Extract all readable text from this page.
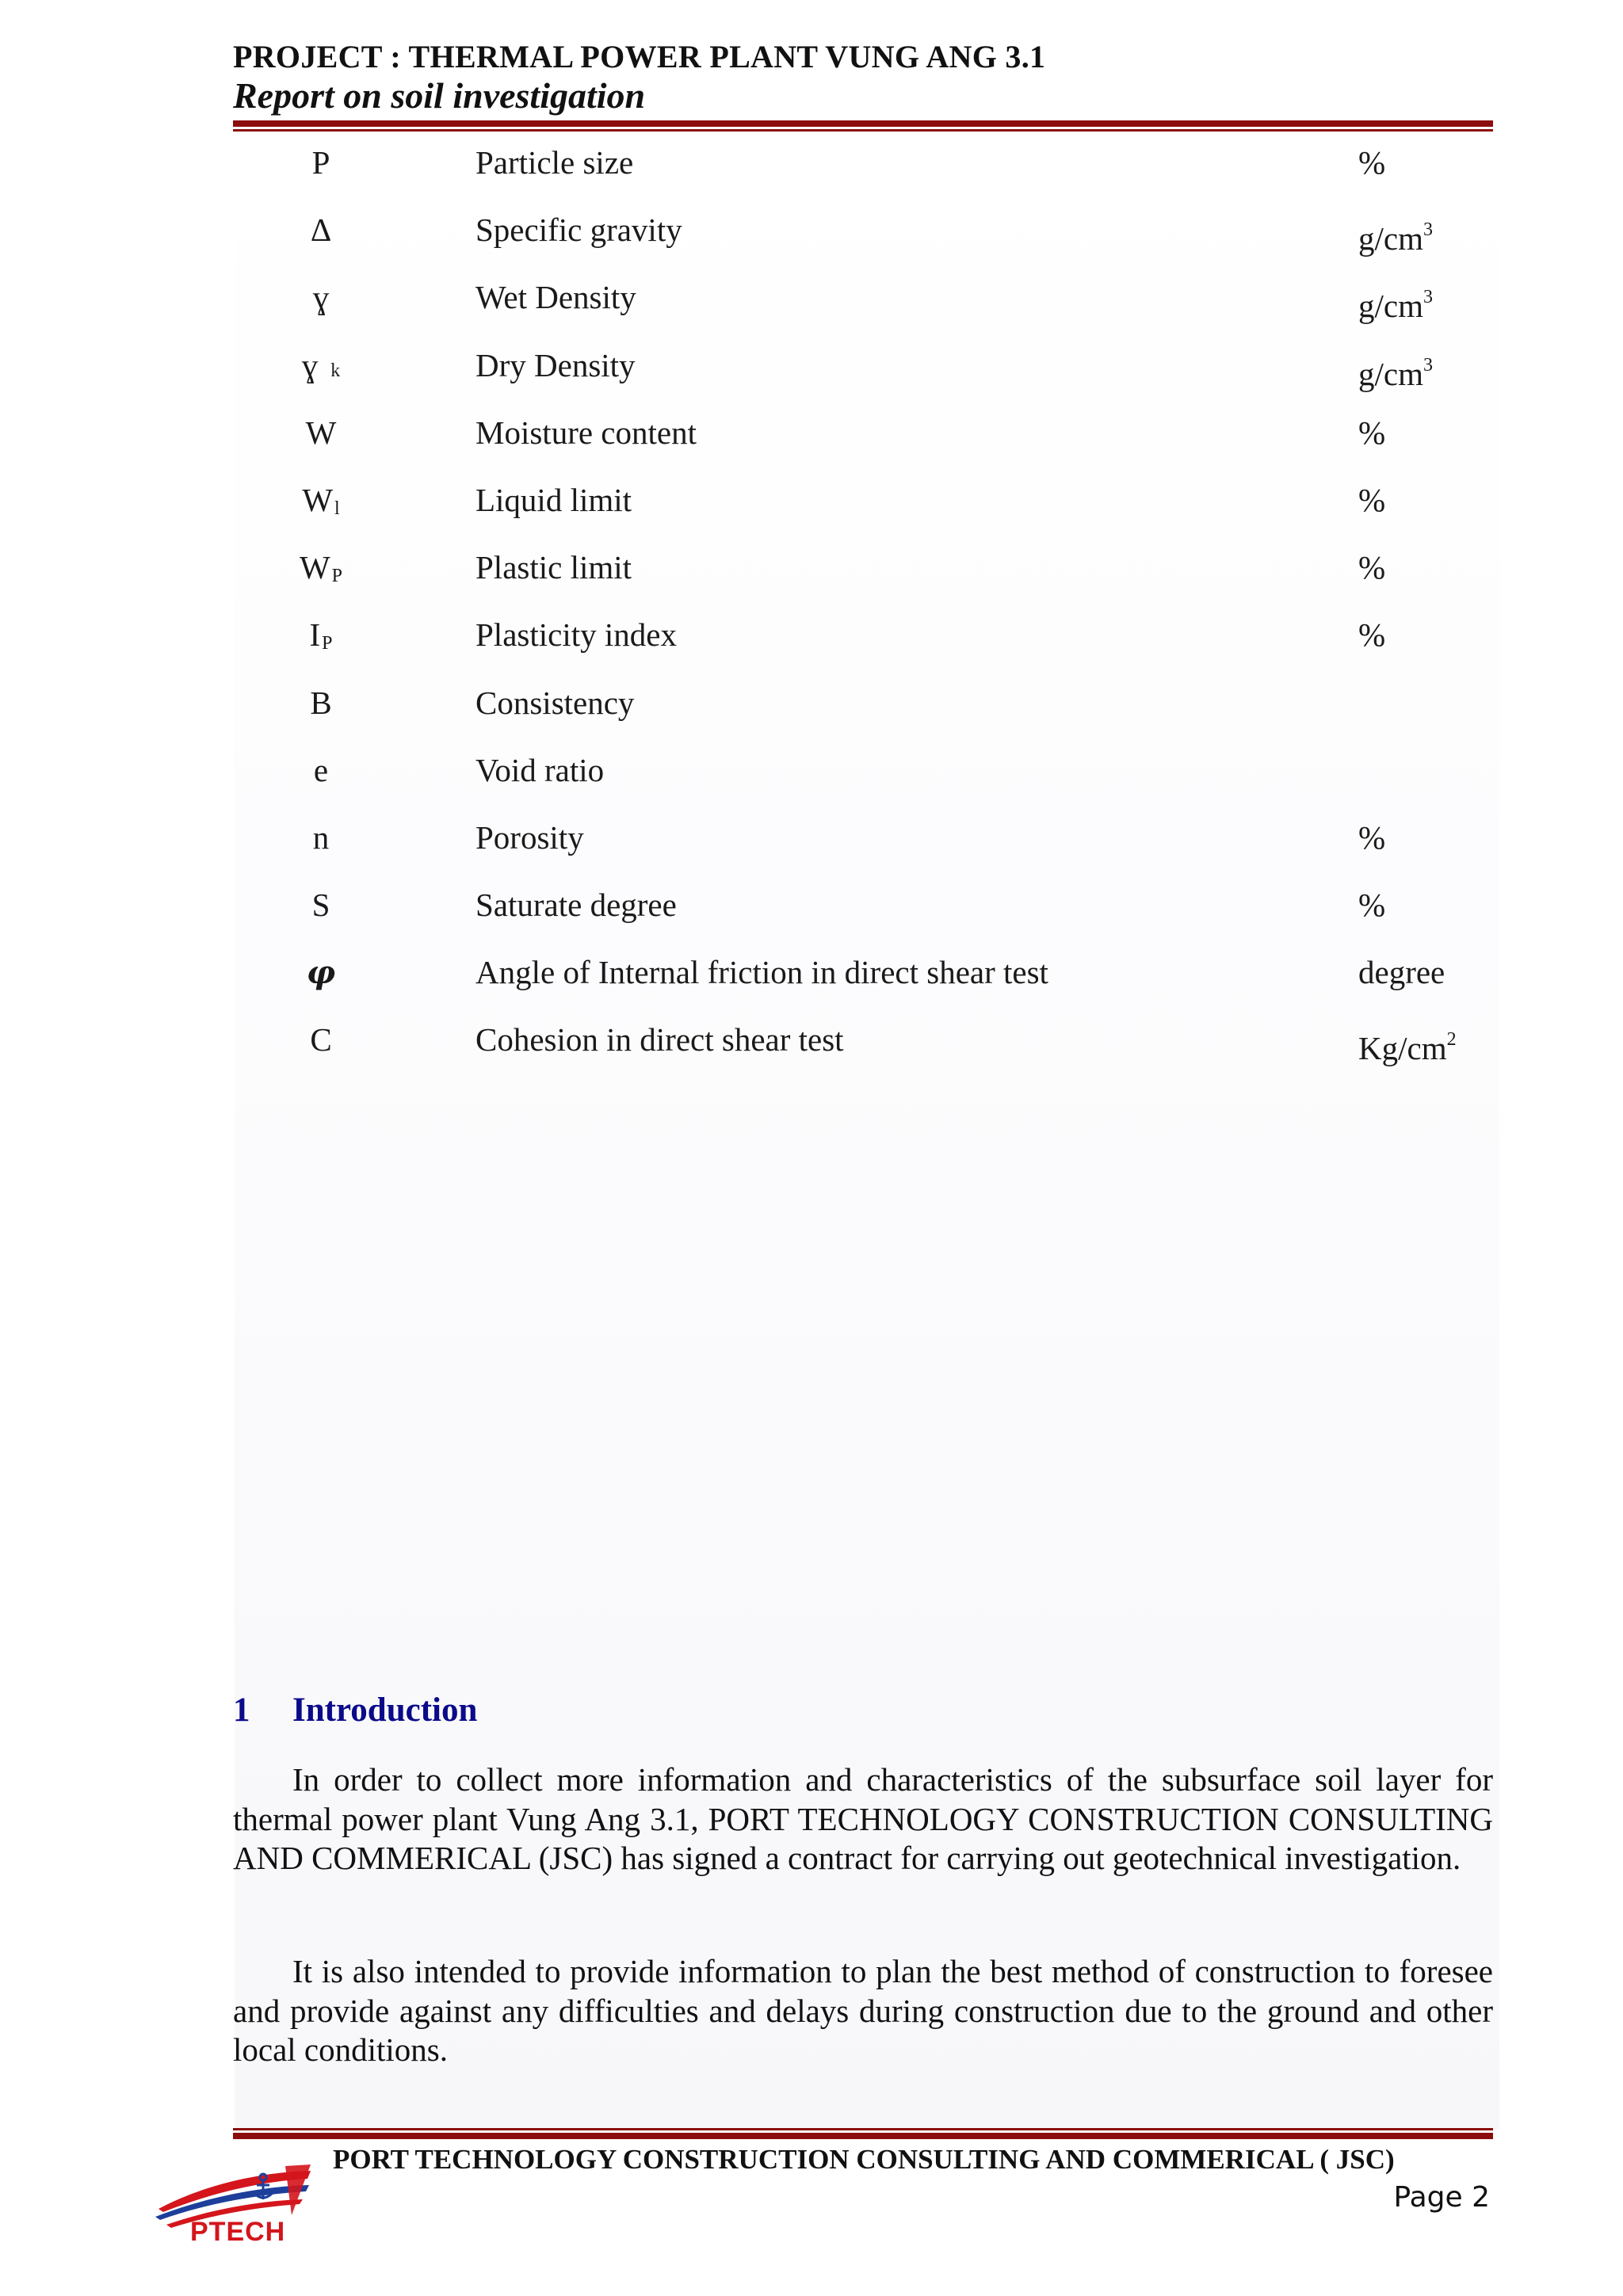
PROJECT : THERMAL POWER PLANT VUNG ANG 3.1
Report on soil investigation
P	Particle size	%
∆	Specific gravity	$g/cm^3$
ɣ	Wet Density	$g/cm^3$
ɣk	Dry Density	$g/cm^3$
W	Moisture content	%
$W_l$	Liquid limit	%
$W_P$	Plastic limit	%
$I_P$	Plasticity index	%
B	Consistency
e	Void ratio
n	Porosity	%
S	Saturate degree	%
φ	Angle of Internal friction in direct shear test	degree
C	Cohesion in direct shear test	$Kg/cm^2$
1 Introduction
In order to collect more information and characteristics of the subsurface soil layer for thermal power plant Vung Ang 3.1, PORT TECHNOLOGY CONSTRUCTION CONSULTING AND COMMERICAL (JSC) has signed a contract for carrying out geotechnical investigation.
It is also intended to provide information to plan the best method of construction to foresee and provide against any difficulties and delays during construction due to the ground and other local conditions.
PORT TECHNOLOGY CONSTRUCTION CONSULTING AND COMMERICAL ( JSC)
Page 2
PTECH
